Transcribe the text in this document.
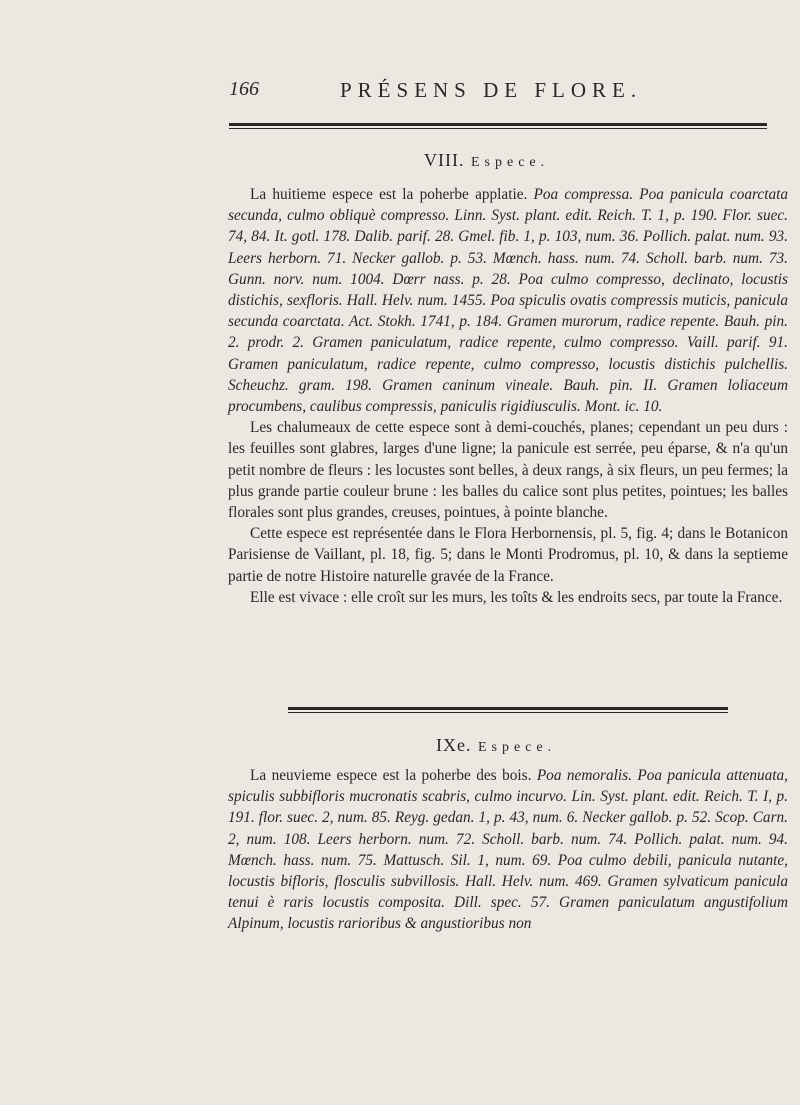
166	PRÉSENS DE FLORE.
VIII. Espece.

La huitieme espece est la poherbe applatie. Poa compressa. Poa panicula coarctata secunda, culmo obliquè compresso. Linn. Syst. plant. edit. Reich. T. 1, p. 190. Flor. suec. 74, 84. It. gotl. 178. Dalib. parif. 28. Gmel. fib. 1, p. 103, num. 36. Pollich. palat. num. 93. Leers herborn. 71. Necker gallob. p. 53. Mœnch. hass. num. 74. Scholl. barb. num. 73. Gunn. norv. num. 1004. Dœrr nass. p. 28. Poa culmo compresso, declinato, locustis distichis, sexfloris. Hall. Helv. num. 1455. Poa spiculis ovatis compressis muticis, panicula secunda coarctata. Act. Stokh. 1741, p. 184. Gramen murorum, radice repente. Bauh. pin. 2. prodr. 2. Gramen paniculatum, radice repente, culmo compresso. Vaill. parif. 91. Gramen paniculatum, radice repente, culmo compresso, locustis distichis pulchellis. Scheuchz. gram. 198. Gramen caninum vineale. Bauh. pin. II. Gramen loliaceum procumbens, caulibus compressis, paniculis rigidiusculis. Mont. ic. 10.

Les chalumeaux de cette espece sont à demi-couchés, planes; cependant un peu durs : les feuilles sont glabres, larges d'une ligne; la panicule est serrée, peu éparse, & n'a qu'un petit nombre de fleurs : les locustes sont belles, à deux rangs, à six fleurs, un peu fermes; la plus grande partie couleur brune : les balles du calice sont plus petites, pointues; les balles florales sont plus grandes, creuses, pointues, à pointe blanche.

Cette espece est représentée dans le Flora Herbornensis, pl. 5, fig. 4; dans le Botanicon Parisiense de Vaillant, pl. 18, fig. 5; dans le Monti Prodromus, pl. 10, & dans la septieme partie de notre Histoire naturelle gravée de la France.

Elle est vivace : elle croît sur les murs, les toîts & les endroits secs, par toute la France.

IXe. Espece.

La neuvieme espece est la poherbe des bois. Poa nemoralis. Poa panicula attenuata, spiculis subbifloris mucronatis scabris, culmo incurvo. Lin. Syst. plant. edit. Reich. T. I, p. 191. flor. suec. 2, num. 85. Reyg. gedan. 1, p. 43, num. 6. Necker gallob. p. 52. Scop. Carn. 2, num. 108. Leers herborn. num. 72. Scholl. barb. num. 74. Pollich. palat. num. 94. Mœnch. hass. num. 75. Mattusch. Sil. 1, num. 69. Poa culmo debili, panicula nutante, locustis bifloris, flosculis subvillosis. Hall. Helv. num. 469. Gramen sylvaticum panicula tenui è raris locustis composita. Dill. spec. 57. Gramen paniculatum angustifolium Alpinum, locustis rarioribus & angustioribus non
